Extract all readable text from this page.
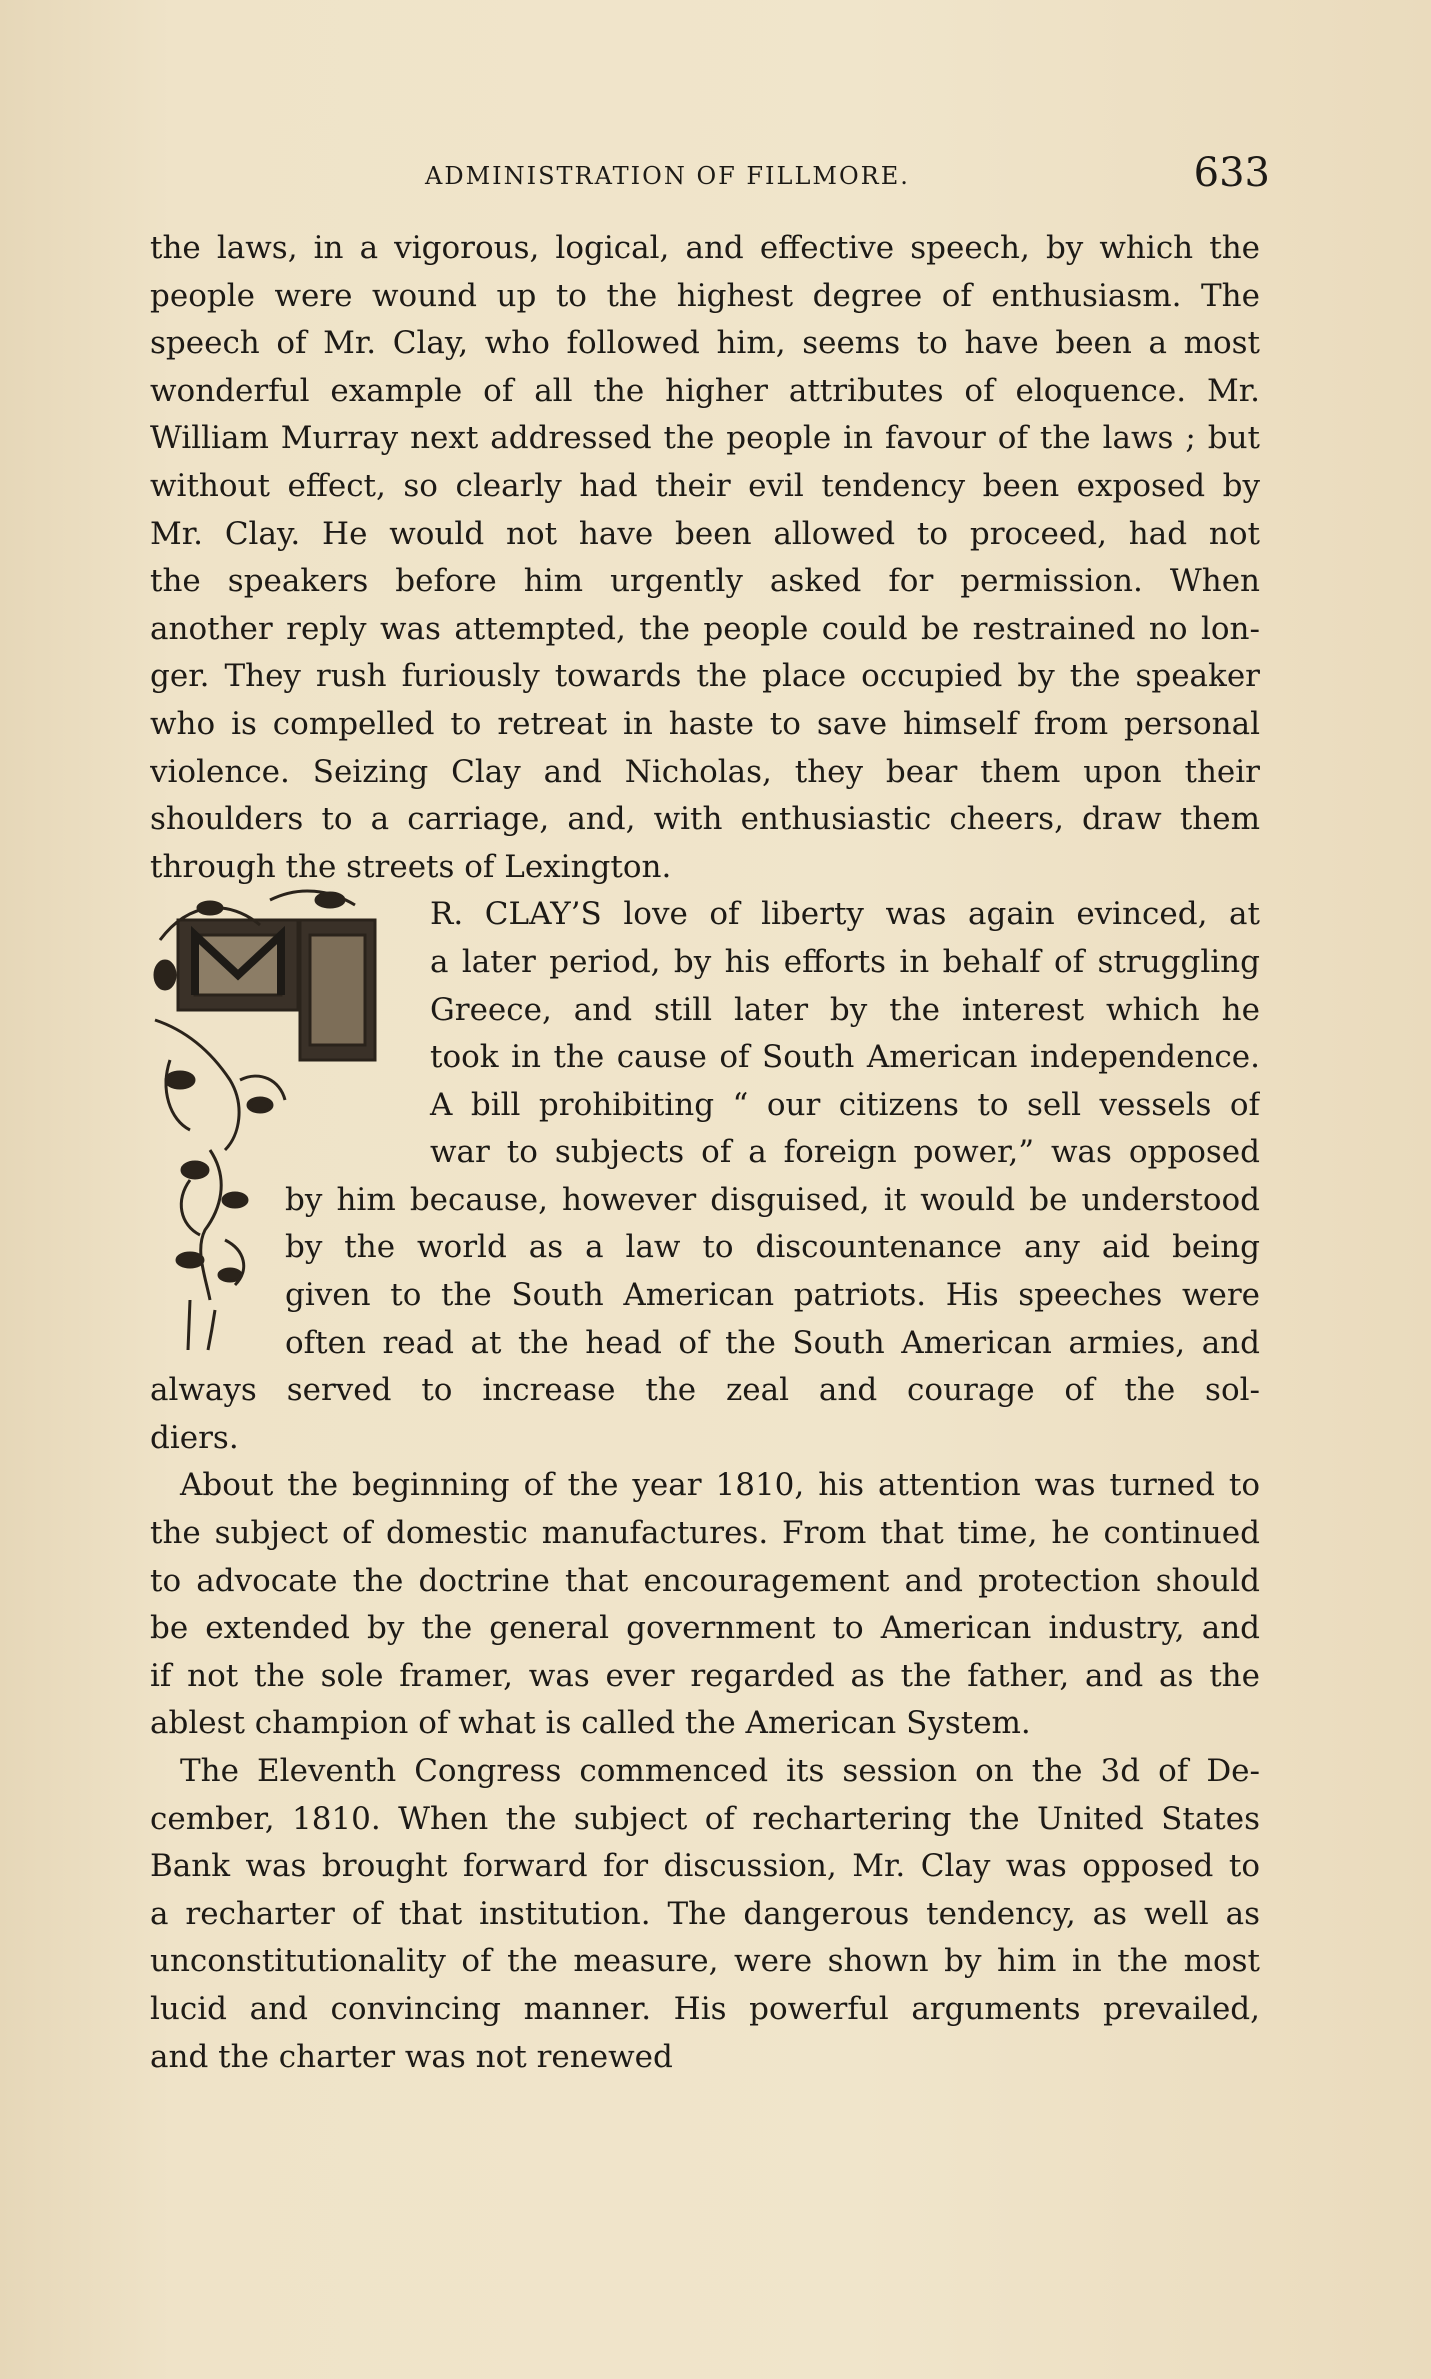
ADMINISTRATION OF FILLMORE.	633
the laws, in a vigorous, logical, and effective speech, by which the
people were wound up to the highest degree of enthusiasm. The
speech of Mr. Clay, who followed him, seems to have been a most
wonderful example of all the higher attributes of eloquence. Mr.
William Murray next addressed the people in favour of the laws ; but
without effect, so clearly had their evil tendency been exposed by
Mr. Clay. He would not have been allowed to proceed, had not
the speakers before him urgently asked for permission. When
another reply was attempted, the people could be restrained no lon-
ger. They rush furiously towards the place occupied by the speaker
who is compelled to retreat in haste to save himself from personal
violence. Seizing Clay and Nicholas, they bear them upon their
shoulders to a carriage, and, with enthusiastic cheers, draw them
through the streets of Lexington.
R. CLAY’S love of liberty was again evinced, at
a later period, by his efforts in behalf of struggling
Greece, and still later by the interest which he
took in the cause of South American independence.
A bill prohibiting “ our citizens to sell vessels of
war to subjects of a foreign power,” was opposed
by him because, however disguised, it would be understood
by the world as a law to discountenance any aid being
given to the South American patriots. His speeches were
often read at the head of the South American armies, and
always served to increase the zeal and courage of the sol-
diers.
About the beginning of the year 1810, his attention was turned to
the subject of domestic manufactures. From that time, he continued
to advocate the doctrine that encouragement and protection should
be extended by the general government to American industry, and
if not the sole framer, was ever regarded as the father, and as the
ablest champion of what is called the American System.
The Eleventh Congress commenced its session on the 3d of De-
cember, 1810. When the subject of rechartering the United States
Bank was brought forward for discussion, Mr. Clay was opposed to
a recharter of that institution. The dangerous tendency, as well as
unconstitutionality of the measure, were shown by him in the most
lucid and convincing manner. His powerful arguments prevailed,
and the charter was not renewed
